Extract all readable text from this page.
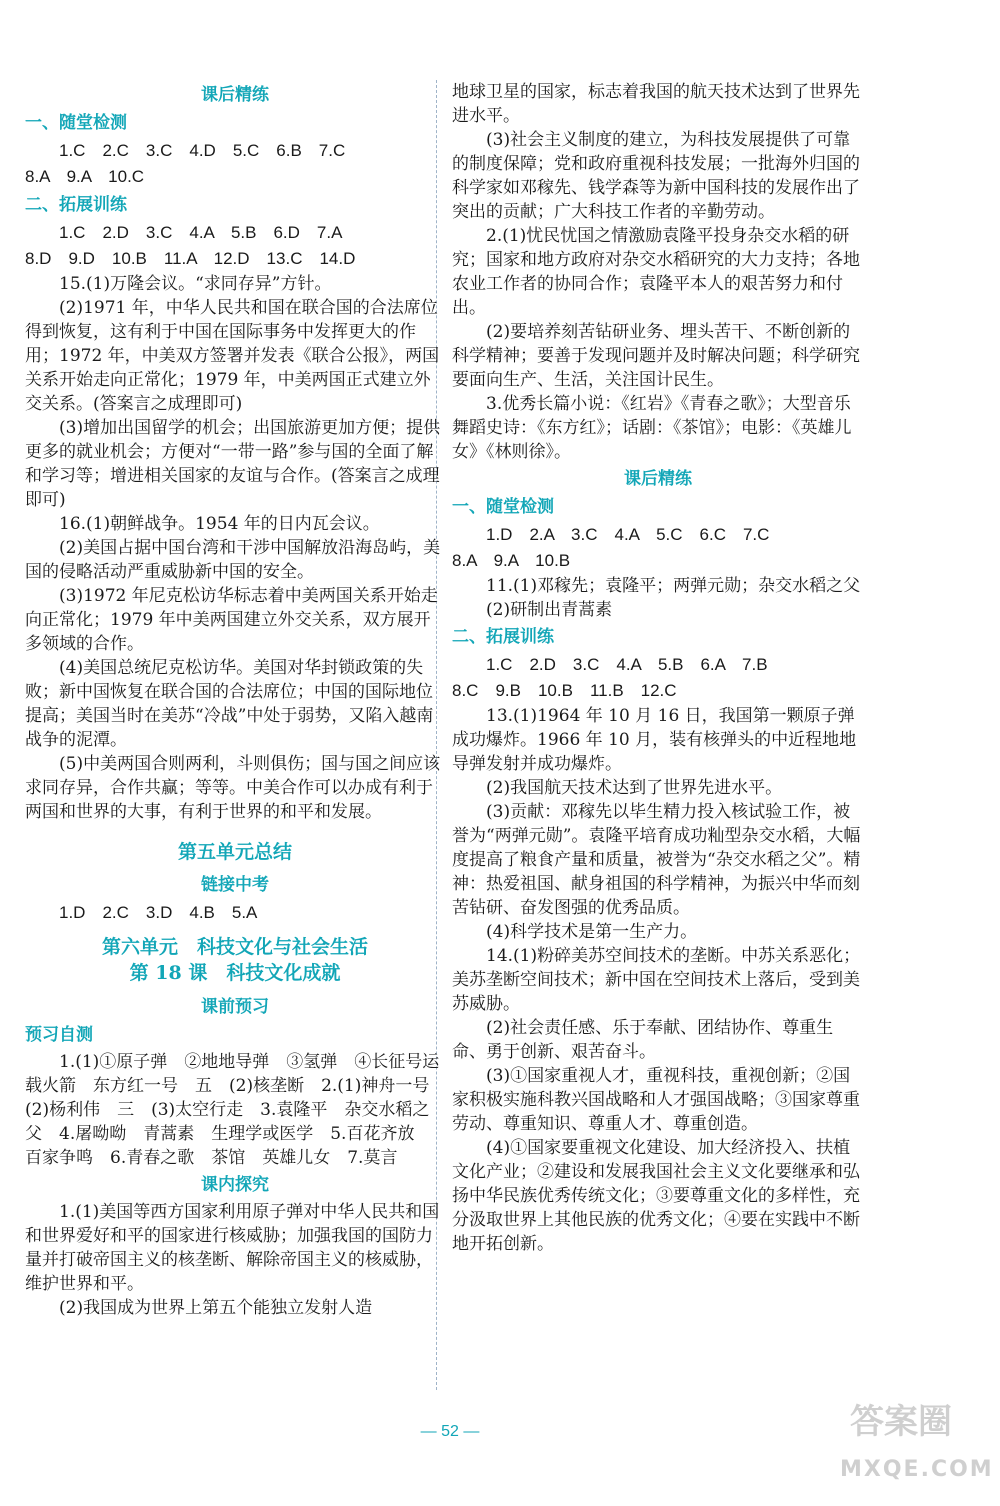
课后精练
一、随堂检测
1.C　2.C　3.C　4.D　5.C　6.B　7.C
8.A　9.A　10.C
二、拓展训练
1.C　2.D　3.C　4.A　5.B　6.D　7.A
8.D　9.D　10.B　11.A　12.D　13.C　14.D

15.(1)万隆会议。“求同存异”方针。

(2)1971 年，中华人民共和国在联合国的合法席位得到恢复，这有利于中国在国际事务中发挥更大的作用；1972 年，中美双方签署并发表《联合公报》，两国关系开始走向正常化；1979 年，中美两国正式建立外交关系。(答案言之成理即可)

(3)增加出国留学的机会；出国旅游更加方便；提供更多的就业机会；方便对“一带一路”参与国的全面了解和学习等；增进相关国家的友谊与合作。(答案言之成理即可)

16.(1)朝鲜战争。1954 年的日内瓦会议。

(2)美国占据中国台湾和干涉中国解放沿海岛屿，美国的侵略活动严重威胁新中国的安全。

(3)1972 年尼克松访华标志着中美两国关系开始走向正常化；1979 年中美两国建立外交关系，双方展开多领域的合作。

(4)美国总统尼克松访华。美国对华封锁政策的失败；新中国恢复在联合国的合法席位；中国的国际地位提高；美国当时在美苏“冷战”中处于弱势，又陷入越南战争的泥潭。

(5)中美两国合则两利，斗则俱伤；国与国之间应该求同存异，合作共赢；等等。中美合作可以办成有利于两国和世界的大事，有利于世界的和平和发展。

第五单元总结
链接中考
1.D　2.C　3.D　4.B　5.A
第六单元　科技文化与社会生活
第 18 课　科技文化成就
课前预习
预习自测

1.(1)①原子弹　②地地导弹　③氢弹　④长征号运载火箭　东方红一号　五　(2)核垄断　2.(1)神舟一号　(2)杨利伟　三　(3)太空行走　3.袁隆平　杂交水稻之父　4.屠呦呦　青蒿素　生理学或医学　5.百花齐放　百家争鸣　6.青春之歌　茶馆　英雄儿女　7.莫言

课内探究

1.(1)美国等西方国家利用原子弹对中华人民共和国和世界爱好和平的国家进行核威胁；加强我国的国防力量并打破帝国主义的核垄断、解除帝国主义的核威胁，维护世界和平。

(2)我国成为世界上第五个能独立发射人造

地球卫星的国家，标志着我国的航天技术达到了世界先进水平。

(3)社会主义制度的建立，为科技发展提供了可靠的制度保障；党和政府重视科技发展；一批海外归国的科学家如邓稼先、钱学森等为新中国科技的发展作出了突出的贡献；广大科技工作者的辛勤劳动。

2.(1)忧民忧国之情激励袁隆平投身杂交水稻的研究；国家和地方政府对杂交水稻研究的大力支持；各地农业工作者的协同合作；袁隆平本人的艰苦努力和付出。

(2)要培养刻苦钻研业务、埋头苦干、不断创新的科学精神；要善于发现问题并及时解决问题；科学研究要面向生产、生活，关注国计民生。

3.优秀长篇小说：《红岩》《青春之歌》；大型音乐舞蹈史诗：《东方红》；话剧：《茶馆》；电影：《英雄儿女》《林则徐》。

课后精练
一、随堂检测
1.D　2.A　3.C　4.A　5.C　6.C　7.C
8.A　9.A　10.B

11.(1)邓稼先；袁隆平；两弹元勋；杂交水稻之父

(2)研制出青蒿素

二、拓展训练
1.C　2.D　3.C　4.A　5.B　6.A　7.B
8.C　9.B　10.B　11.B　12.C

13.(1)1964 年 10 月 16 日，我国第一颗原子弹成功爆炸。1966 年 10 月，装有核弹头的中近程地地导弹发射并成功爆炸。

(2)我国航天技术达到了世界先进水平。

(3)贡献：邓稼先以毕生精力投入核试验工作，被誉为“两弹元勋”。袁隆平培育成功籼型杂交水稻，大幅度提高了粮食产量和质量，被誉为“杂交水稻之父”。精神：热爱祖国、献身祖国的科学精神，为振兴中华而刻苦钻研、奋发图强的优秀品质。

(4)科学技术是第一生产力。

14.(1)粉碎美苏空间技术的垄断。中苏关系恶化；美苏垄断空间技术；新中国在空间技术上落后，受到美苏威胁。

(2)社会责任感、乐于奉献、团结协作、尊重生命、勇于创新、艰苦奋斗。

(3)①国家重视人才，重视科技，重视创新；②国家积极实施科教兴国战略和人才强国战略；③国家尊重劳动、尊重知识、尊重人才、尊重创造。

(4)①国家要重视文化建设、加大经济投入、扶植文化产业；②建设和发展我国社会主义文化要继承和弘扬中华民族优秀传统文化；③要尊重文化的多样性，充分汲取世界上其他民族的优秀文化；④要在实践中不断地开拓创新。

— 52 —	答案圈
MXQE.COM
